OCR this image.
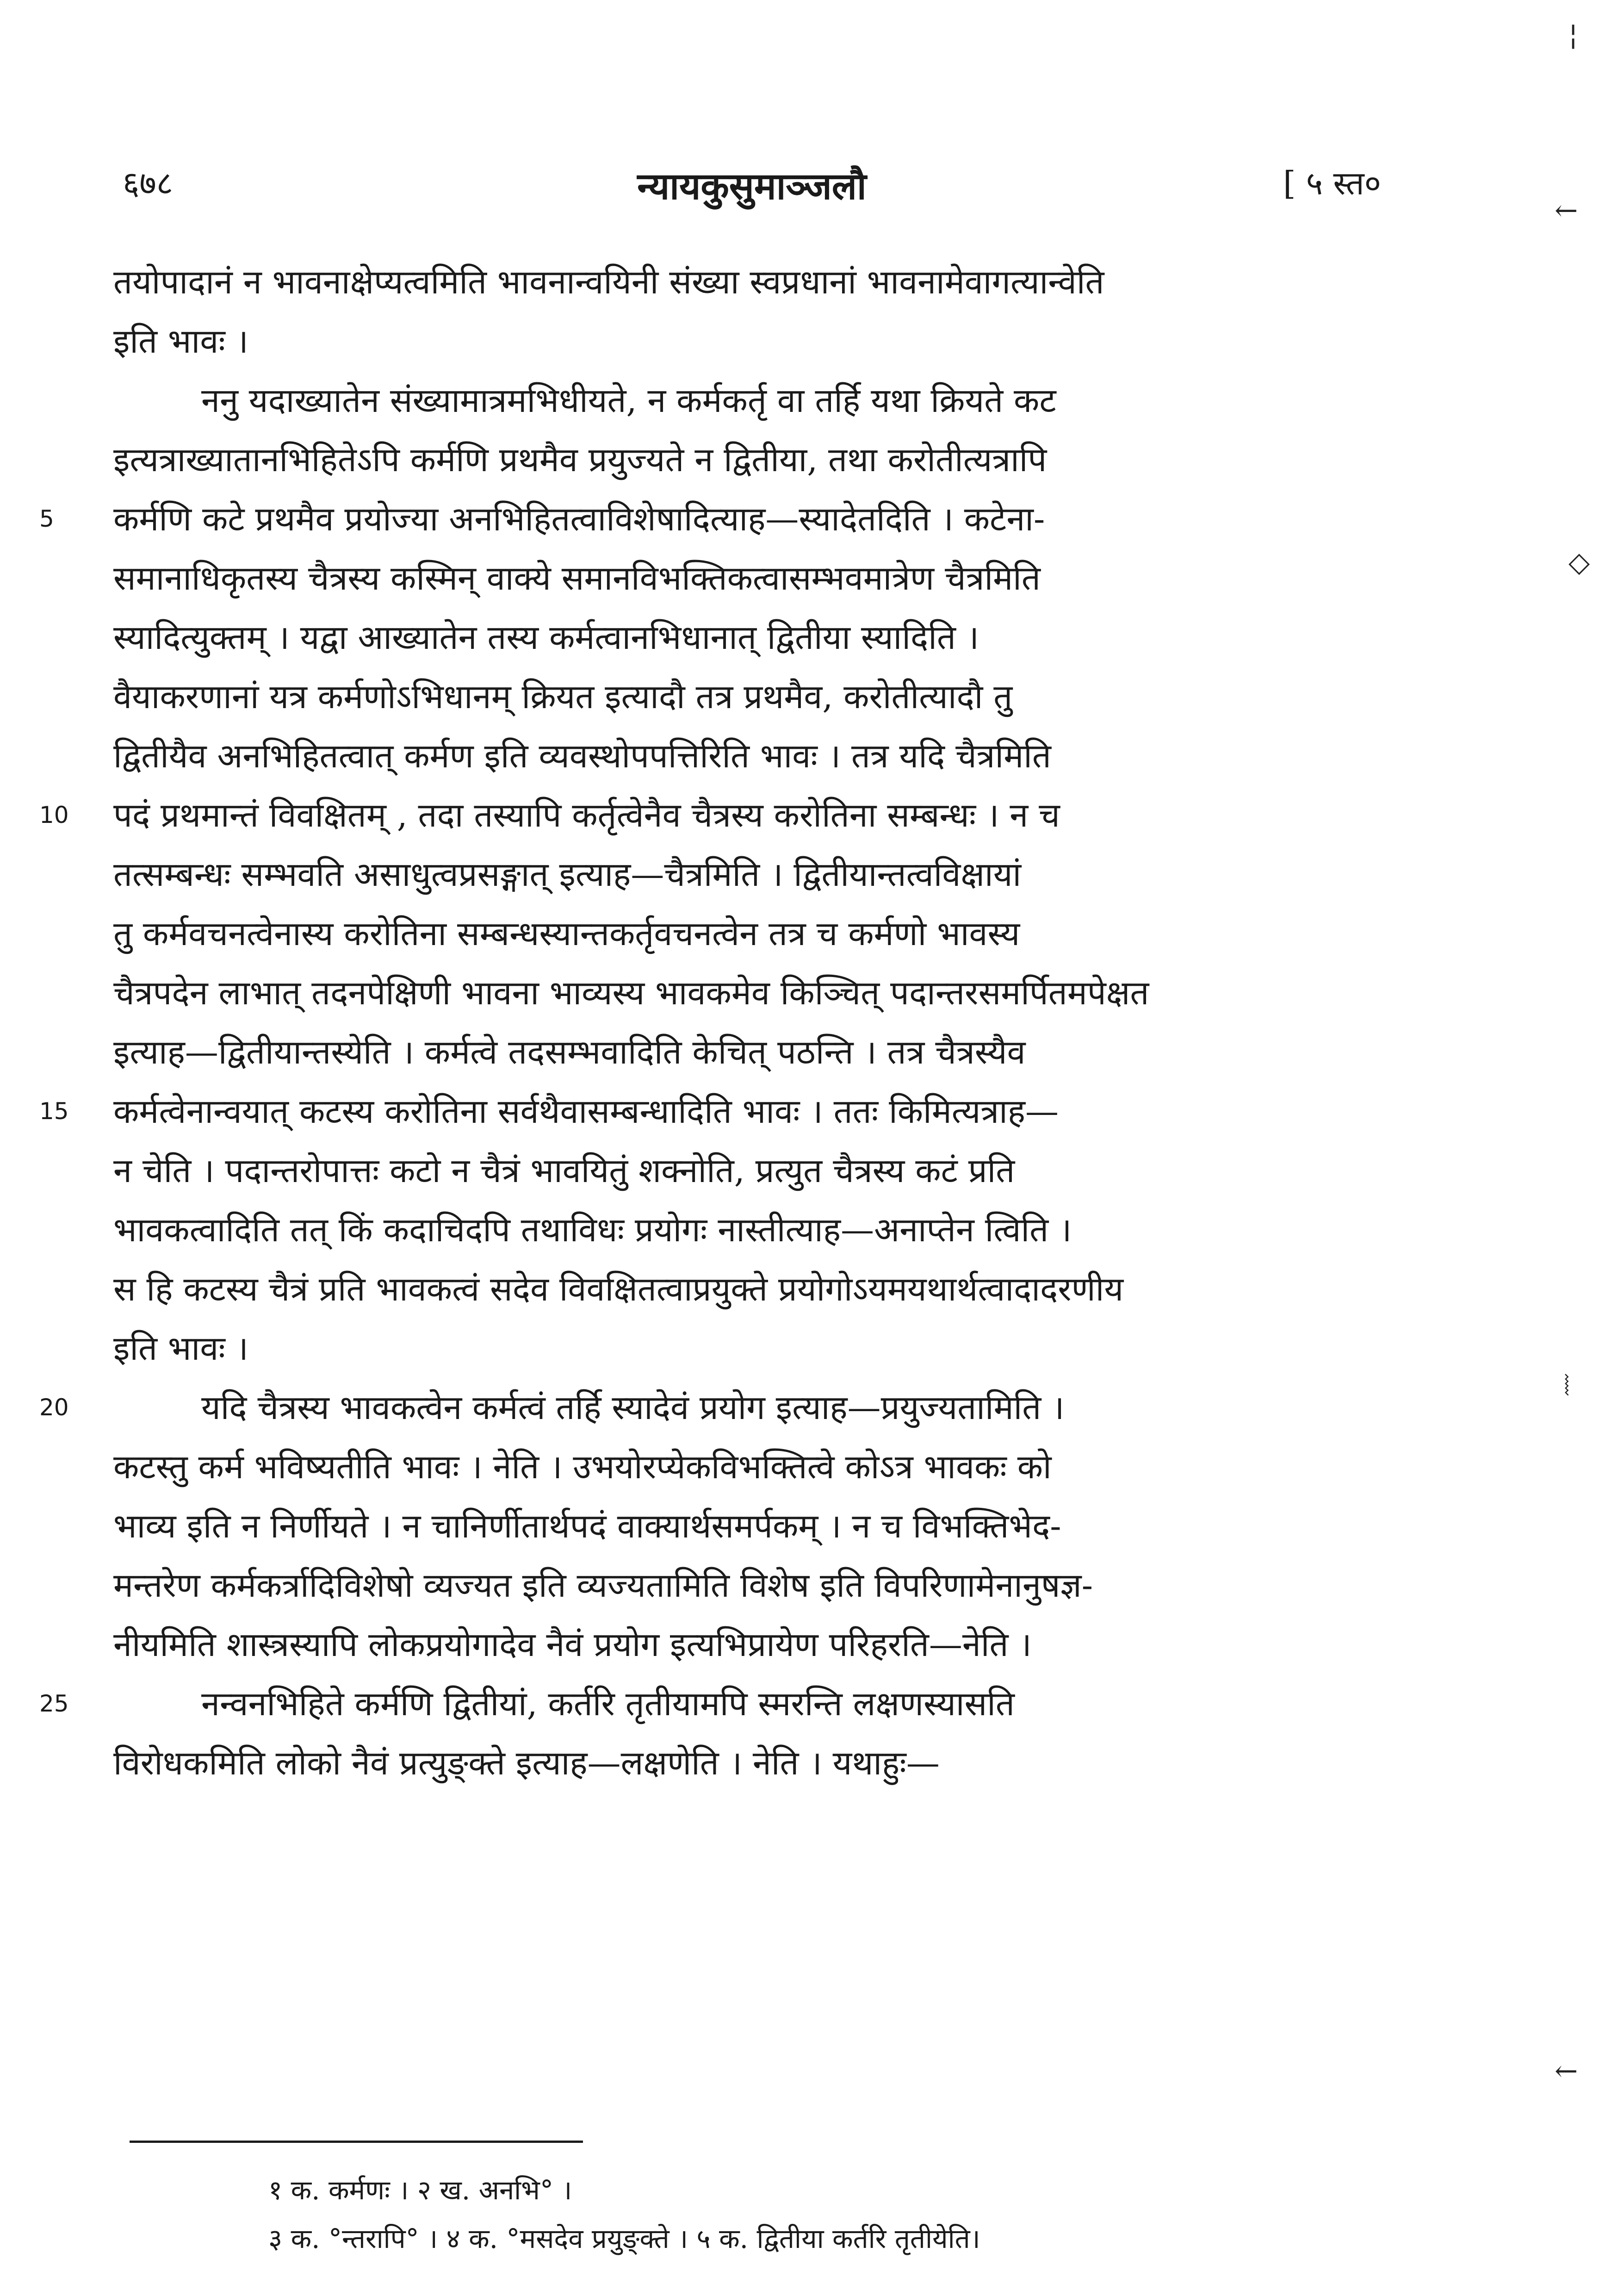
६७८	न्यायकुसुमाञ्जलौ	[ ५ स्त०
तयोपादानं न भावनाक्षेप्यत्वमिति भावनान्वयिनी संख्या स्वप्रधानां भावनामेवागत्यान्वेति
इति भावः ।
ननु यदाख्यातेन संख्यामात्रमभिधीयते, न कर्मकर्तृ वा तर्हि यथा क्रियते कट
इत्यत्राख्यातानभिहितेऽपि कर्मणि प्रथमैव प्रयुज्यते न द्वितीया, तथा करोतीत्यत्रापि
5 कर्मणि कटे प्रथमैव प्रयोज्या अनभिहितत्वाविशेषादित्याह—स्यादेतदिति । कटेना-
समानाधिकृतस्य चैत्रस्य कस्मिन् वाक्ये समानविभक्तिकत्वासम्भवमात्रेण चैत्रमिति
स्यादित्युक्तम् । यद्वा आख्यातेन तस्य कर्मत्वानभिधानात् द्वितीया स्यादिति ।
वैयाकरणानां यत्र कर्मणोऽभिधानम् क्रियत इत्यादौ तत्र प्रथमैव, करोतीत्यादौ तु
द्वितीयैव अनभिहितत्वात् कर्मण इति व्यवस्थोपपत्तिरिति भावः । तत्र यदि चैत्रमिति
10 पदं प्रथमान्तं विवक्षितम् , तदा तस्यापि कर्तृत्वेनैव चैत्रस्य करोतिना सम्बन्धः । न च
तत्सम्बन्धः सम्भवति असाधुत्वप्रसङ्गात् इत्याह—चैत्रमिति । द्वितीयान्तत्वविक्षायां
तु कर्मवचनत्वेनास्य करोतिना सम्बन्धस्यान्तकर्तृवचनत्वेन तत्र च कर्मणो भावस्य
चैत्रपदेन लाभात् तदनपेक्षिणी भावना भाव्यस्य भावकमेव किञ्चित् पदान्तरसमर्पितमपेक्षत
इत्याह—द्वितीयान्तस्येति । कर्मत्वे तदसम्भवादिति केचित् पठन्ति । तत्र चैत्रस्यैव
15 कर्मत्वेनान्वयात् कटस्य करोतिना सर्वथैवासम्बन्धादिति भावः । ततः किमित्यत्राह—
न चेति । पदान्तरोपात्तः कटो न चैत्रं भावयितुं शक्नोति, प्रत्युत चैत्रस्य कटं प्रति
भावकत्वादिति तत् किं कदाचिदपि तथाविधः प्रयोगः नास्तीत्याह—अनाप्तेन त्विति ।
स हि कटस्य चैत्रं प्रति भावकत्वं सदेव विवक्षितत्वाप्रयुक्ते प्रयोगोऽयमयथार्थत्वादादरणीय
इति भावः ।
20	यदि चैत्रस्य भावकत्वेन कर्मत्वं तर्हि स्यादेवं प्रयोग इत्याह—प्रयुज्यतामिति ।
कटस्तु कर्म भविष्यतीति भावः । नेति । उभयोरप्येकविभक्तित्वे कोऽत्र भावकः को
भाव्य इति न निर्णीयते । न चानिर्णीतार्थपदं वाक्यार्थसमर्पकम् । न च विभक्तिभेद-
मन्तरेण कर्मकर्त्रादिविशेषो व्यज्यत इति व्यज्यतामिति विशेष इति विपरिणामेनानुषज्ञ-
नीयमिति शास्त्रस्यापि लोकप्रयोगादेव नैवं प्रयोग इत्यभिप्रायेण परिहरति—नेति ।
25	नन्वनभिहिते कर्मणि द्वितीयां, कर्तरि तृतीयामपि स्मरन्ति लक्षणस्यासति
विरोधकमिति लोको नैवं प्रत्युङ्क्ते इत्याह—लक्षणेति । नेति । यथाहुः—
१ क. कर्मणः । २ ख. अनभि° ।
३ क. °न्तरापि° । ४ क. °मसदेव प्रयुङ्क्ते । ५ क. द्वितीया कर्तरि तृतीयेति।
¦
←
◇
⦚
←
